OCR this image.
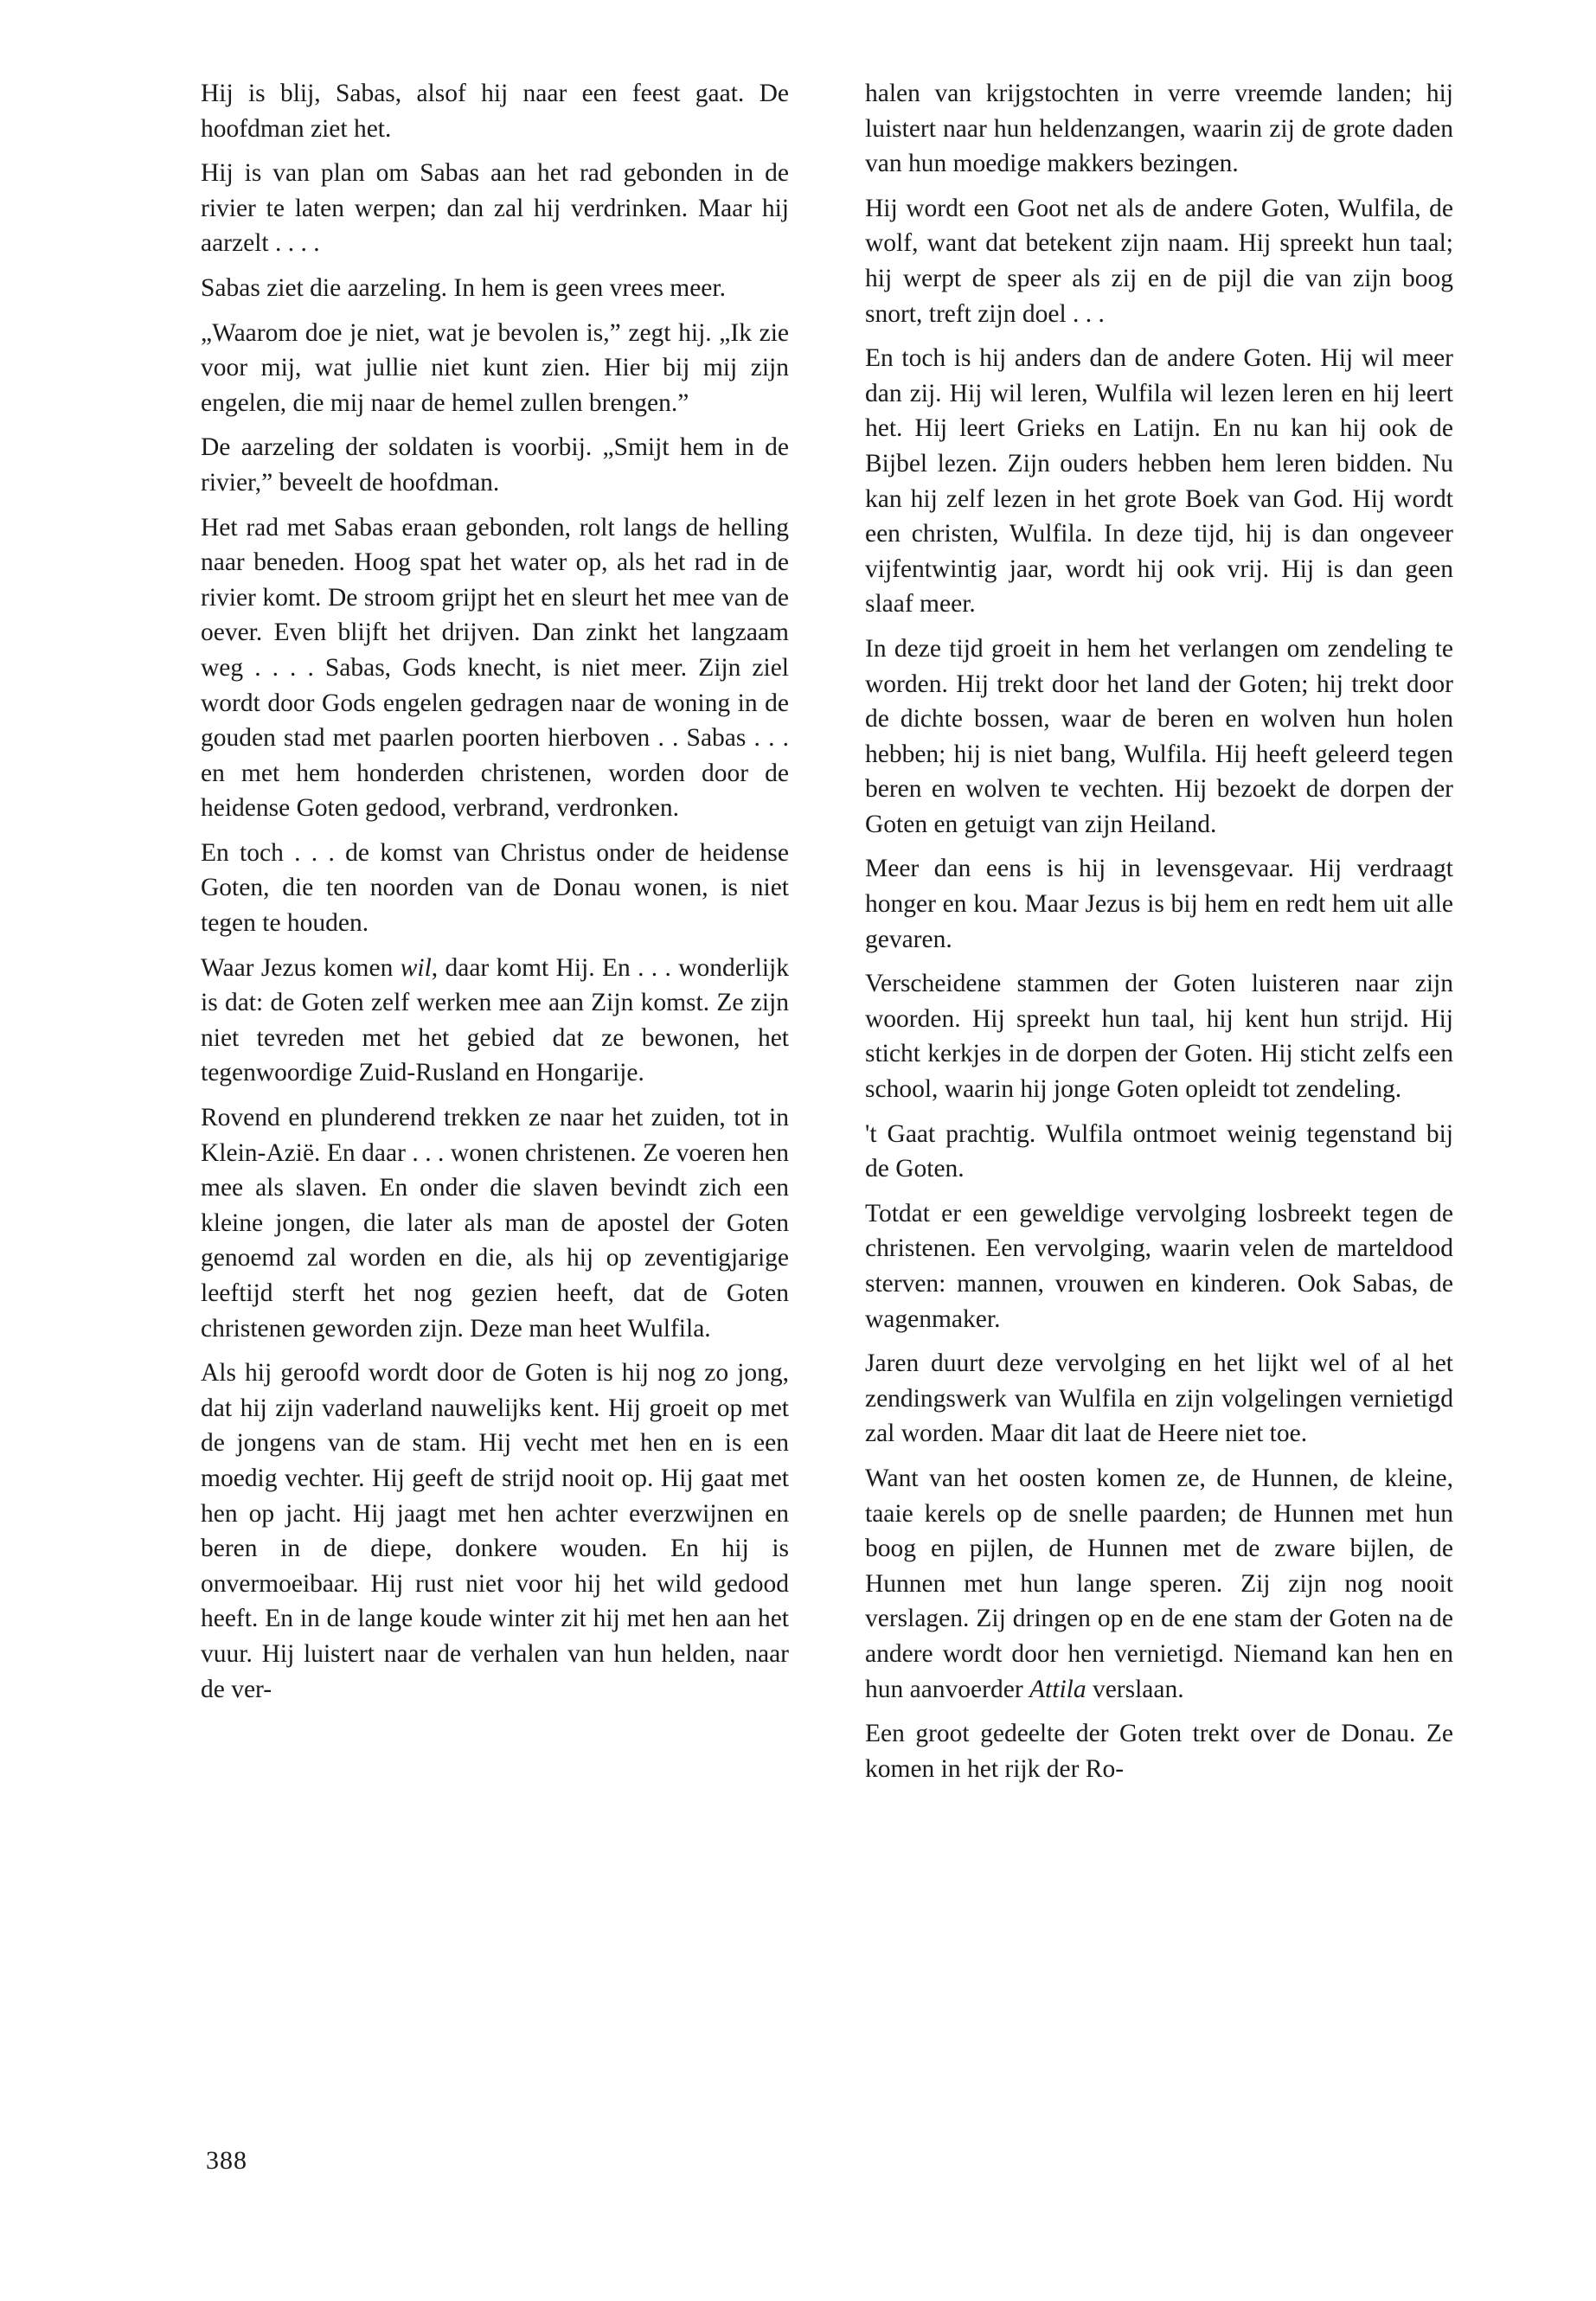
Hij is blij, Sabas, alsof hij naar een feest gaat. De hoofdman ziet het.

Hij is van plan om Sabas aan het rad gebonden in de rivier te laten werpen; dan zal hij verdrinken. Maar hij aarzelt . . . .

Sabas ziet die aarzeling. In hem is geen vrees meer.

„Waarom doe je niet, wat je bevolen is,” zegt hij. „Ik zie voor mij, wat jullie niet kunt zien. Hier bij mij zijn engelen, die mij naar de hemel zullen brengen.”

De aarzeling der soldaten is voorbij. „Smijt hem in de rivier,” beveelt de hoofdman.

Het rad met Sabas eraan gebonden, rolt langs de helling naar beneden. Hoog spat het water op, als het rad in de rivier komt. De stroom grijpt het en sleurt het mee van de oever. Even blijft het drijven. Dan zinkt het langzaam weg . . . . Sabas, Gods knecht, is niet meer. Zijn ziel wordt door Gods engelen gedragen naar de woning in de gouden stad met paarlen poorten hierboven . . Sabas . . . en met hem honderden christenen, worden door de heidense Goten gedood, verbrand, verdronken.

En toch . . . de komst van Christus onder de heidense Goten, die ten noorden van de Donau wonen, is niet tegen te houden.

Waar Jezus komen wil, daar komt Hij. En . . . wonderlijk is dat: de Goten zelf werken mee aan Zijn komst. Ze zijn niet tevreden met het gebied dat ze bewonen, het tegenwoordige Zuid-Rusland en Hongarije.

Rovend en plunderend trekken ze naar het zuiden, tot in Klein-Azië. En daar . . . wonen christenen. Ze voeren hen mee als slaven. En onder die slaven bevindt zich een kleine jongen, die later als man de apostel der Goten genoemd zal worden en die, als hij op zeventigjarige leeftijd sterft het nog gezien heeft, dat de Goten christenen geworden zijn. Deze man heet Wulfila.

Als hij geroofd wordt door de Goten is hij nog zo jong, dat hij zijn vaderland nauwelijks kent. Hij groeit op met de jongens van de stam. Hij vecht met hen en is een moedig vechter. Hij geeft de strijd nooit op. Hij gaat met hen op jacht. Hij jaagt met hen achter everzwijnen en beren in de diepe, donkere wouden. En hij is onvermoeibaar. Hij rust niet voor hij het wild gedood heeft. En in de lange koude winter zit hij met hen aan het vuur. Hij luistert naar de verhalen van hun helden, naar de ver-

halen van krijgstochten in verre vreemde landen; hij luistert naar hun heldenzangen, waarin zij de grote daden van hun moedige makkers bezingen.

Hij wordt een Goot net als de andere Goten, Wulfila, de wolf, want dat betekent zijn naam. Hij spreekt hun taal; hij werpt de speer als zij en de pijl die van zijn boog snort, treft zijn doel . . .

En toch is hij anders dan de andere Goten. Hij wil meer dan zij. Hij wil leren, Wulfila wil lezen leren en hij leert het. Hij leert Grieks en Latijn. En nu kan hij ook de Bijbel lezen. Zijn ouders hebben hem leren bidden. Nu kan hij zelf lezen in het grote Boek van God. Hij wordt een christen, Wulfila. In deze tijd, hij is dan ongeveer vijfentwintig jaar, wordt hij ook vrij. Hij is dan geen slaaf meer.

In deze tijd groeit in hem het verlangen om zendeling te worden. Hij trekt door het land der Goten; hij trekt door de dichte bossen, waar de beren en wolven hun holen hebben; hij is niet bang, Wulfila. Hij heeft geleerd tegen beren en wolven te vechten. Hij bezoekt de dorpen der Goten en getuigt van zijn Heiland.

Meer dan eens is hij in levensgevaar. Hij verdraagt honger en kou. Maar Jezus is bij hem en redt hem uit alle gevaren.

Verscheidene stammen der Goten luisteren naar zijn woorden. Hij spreekt hun taal, hij kent hun strijd. Hij sticht kerkjes in de dorpen der Goten. Hij sticht zelfs een school, waarin hij jonge Goten opleidt tot zendeling.

't Gaat prachtig. Wulfila ontmoet weinig tegenstand bij de Goten.

Totdat er een geweldige vervolging losbreekt tegen de christenen. Een vervolging, waarin velen de marteldood sterven: mannen, vrouwen en kinderen. Ook Sabas, de wagenmaker.

Jaren duurt deze vervolging en het lijkt wel of al het zendingswerk van Wulfila en zijn volgelingen vernietigd zal worden. Maar dit laat de Heere niet toe.

Want van het oosten komen ze, de Hunnen, de kleine, taaie kerels op de snelle paarden; de Hunnen met hun boog en pijlen, de Hunnen met de zware bijlen, de Hunnen met hun lange speren. Zij zijn nog nooit verslagen. Zij dringen op en de ene stam der Goten na de andere wordt door hen vernietigd. Niemand kan hen en hun aanvoerder Attila verslaan.

Een groot gedeelte der Goten trekt over de Donau. Ze komen in het rijk der Ro-

388
